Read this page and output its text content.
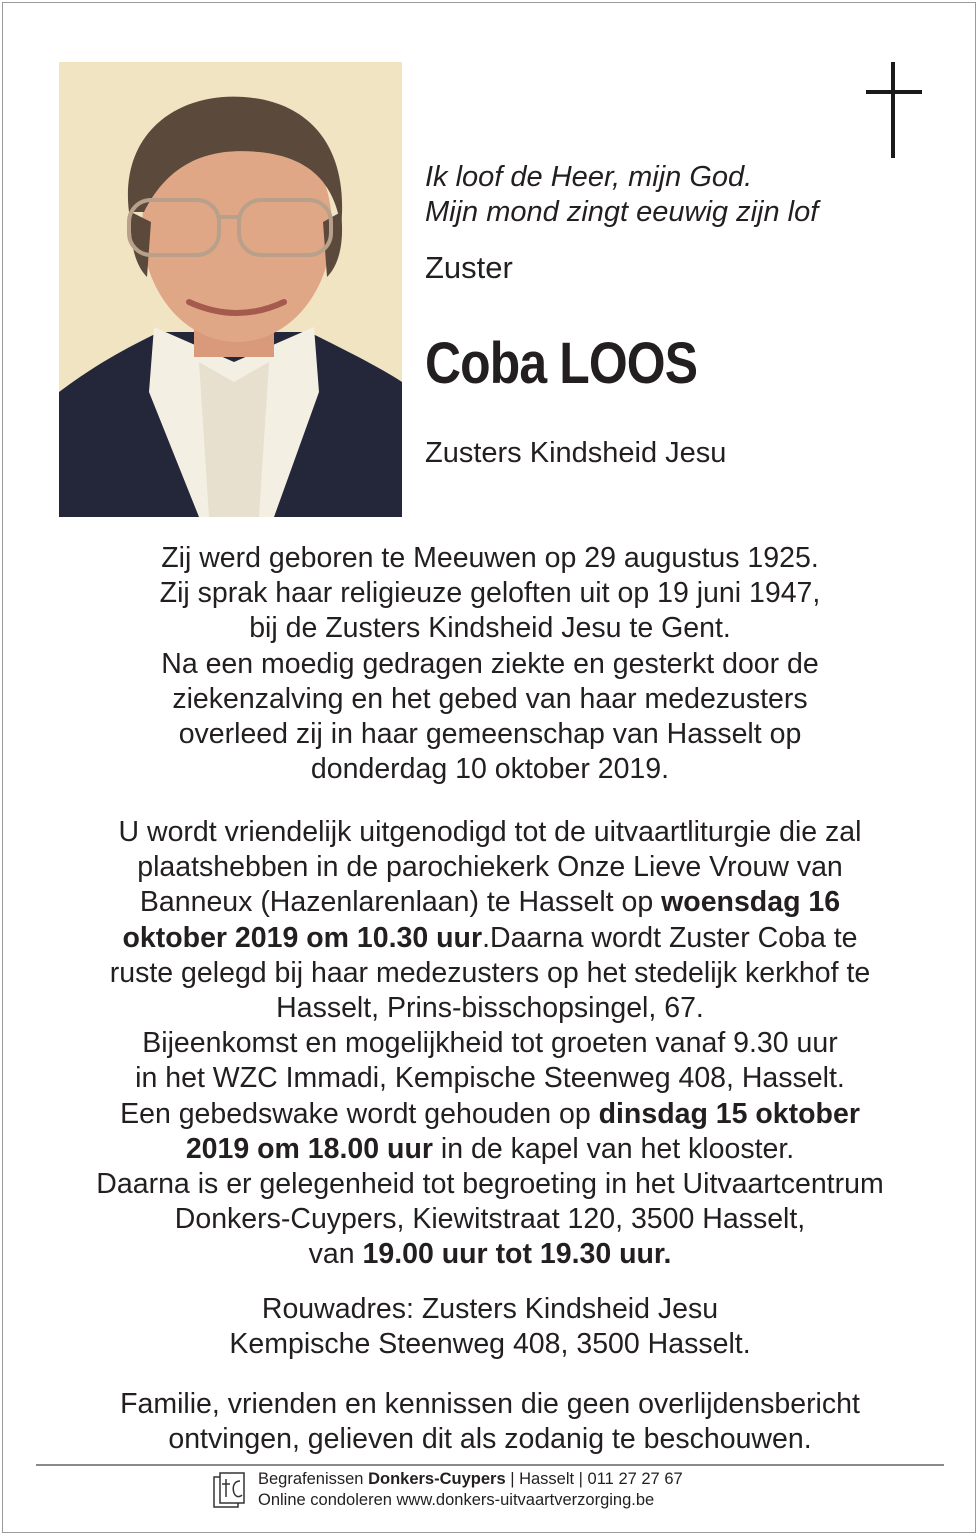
Ik loof de Heer, mijn God.
Mijn mond zingt eeuwig zijn lof
Zuster
Coba LOOS
Zusters Kindsheid Jesu
Zij werd geboren te Meeuwen op 29 augustus 1925.
Zij sprak haar religieuze geloften uit op 19 juni 1947,
bij de Zusters Kindsheid Jesu te Gent.
Na een moedig gedragen ziekte en gesterkt door de
ziekenzalving en het gebed van haar medezusters
overleed zij in haar gemeenschap van Hasselt op
donderdag 10 oktober 2019.
U wordt vriendelijk uitgenodigd tot de uitvaartliturgie die zal
plaatshebben in de parochiekerk Onze Lieve Vrouw van
Banneux (Hazenlarenlaan) te Hasselt op woensdag 16
oktober 2019 om 10.30 uur.Daarna wordt Zuster Coba te
ruste gelegd bij haar medezusters op het stedelijk kerkhof te
Hasselt, Prins-bisschopsingel, 67.
Bijeenkomst en mogelijkheid tot groeten vanaf 9.30 uur
in het WZC Immadi, Kempische Steenweg 408, Hasselt.
Een gebedswake wordt gehouden op dinsdag 15 oktober
2019 om 18.00 uur in de kapel van het klooster.
Daarna is er gelegenheid tot begroeting in het Uitvaartcentrum
Donkers-Cuypers, Kiewitstraat 120, 3500 Hasselt,
van 19.00 uur tot 19.30 uur.
Rouwadres: Zusters Kindsheid Jesu
Kempische Steenweg 408, 3500 Hasselt.
Familie, vrienden en kennissen die geen overlijdensbericht
ontvingen, gelieven dit als zodanig te beschouwen.
Begrafenissen Donkers-Cuypers | Hasselt | 011 27 27 67
Online condoleren www.donkers-uitvaartverzorging.be
